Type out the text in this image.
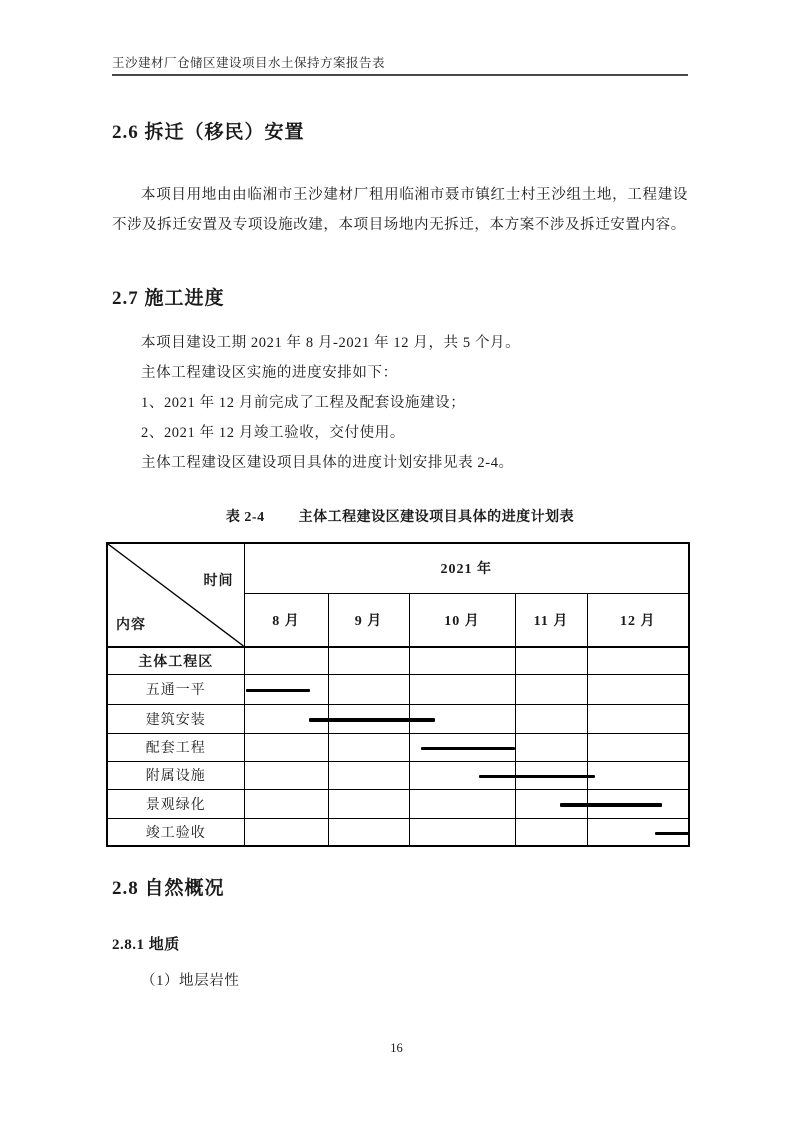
王沙建材厂仓储区建设项目水土保持方案报告表
2.6 拆迁（移民）安置
本项目用地由由临湘市王沙建材厂租用临湘市聂市镇红士村王沙组土地，工程建设不涉及拆迁安置及专项设施改建，本项目场地内无拆迁，本方案不涉及拆迁安置内容。
2.7 施工进度
本项目建设工期 2021 年 8 月-2021 年 12 月，共 5 个月。
主体工程建设区实施的进度安排如下：
1、2021 年 12 月前完成了工程及配套设施建设；
2、2021 年 12 月竣工验收，交付使用。
主体工程建设区建设项目具体的进度计划安排见表 2-4。
表 2-4 主体工程建设区建设项目具体的进度计划表
时间
内容	2021 年				
	8 月	9 月	10 月	11 月	12 月
主体工程区					
五通一平					
建筑安装					
配套工程					
附属设施					
景观绿化					
竣工验收					
2.8 自然概况
2.8.1 地质
（1）地层岩性
16
